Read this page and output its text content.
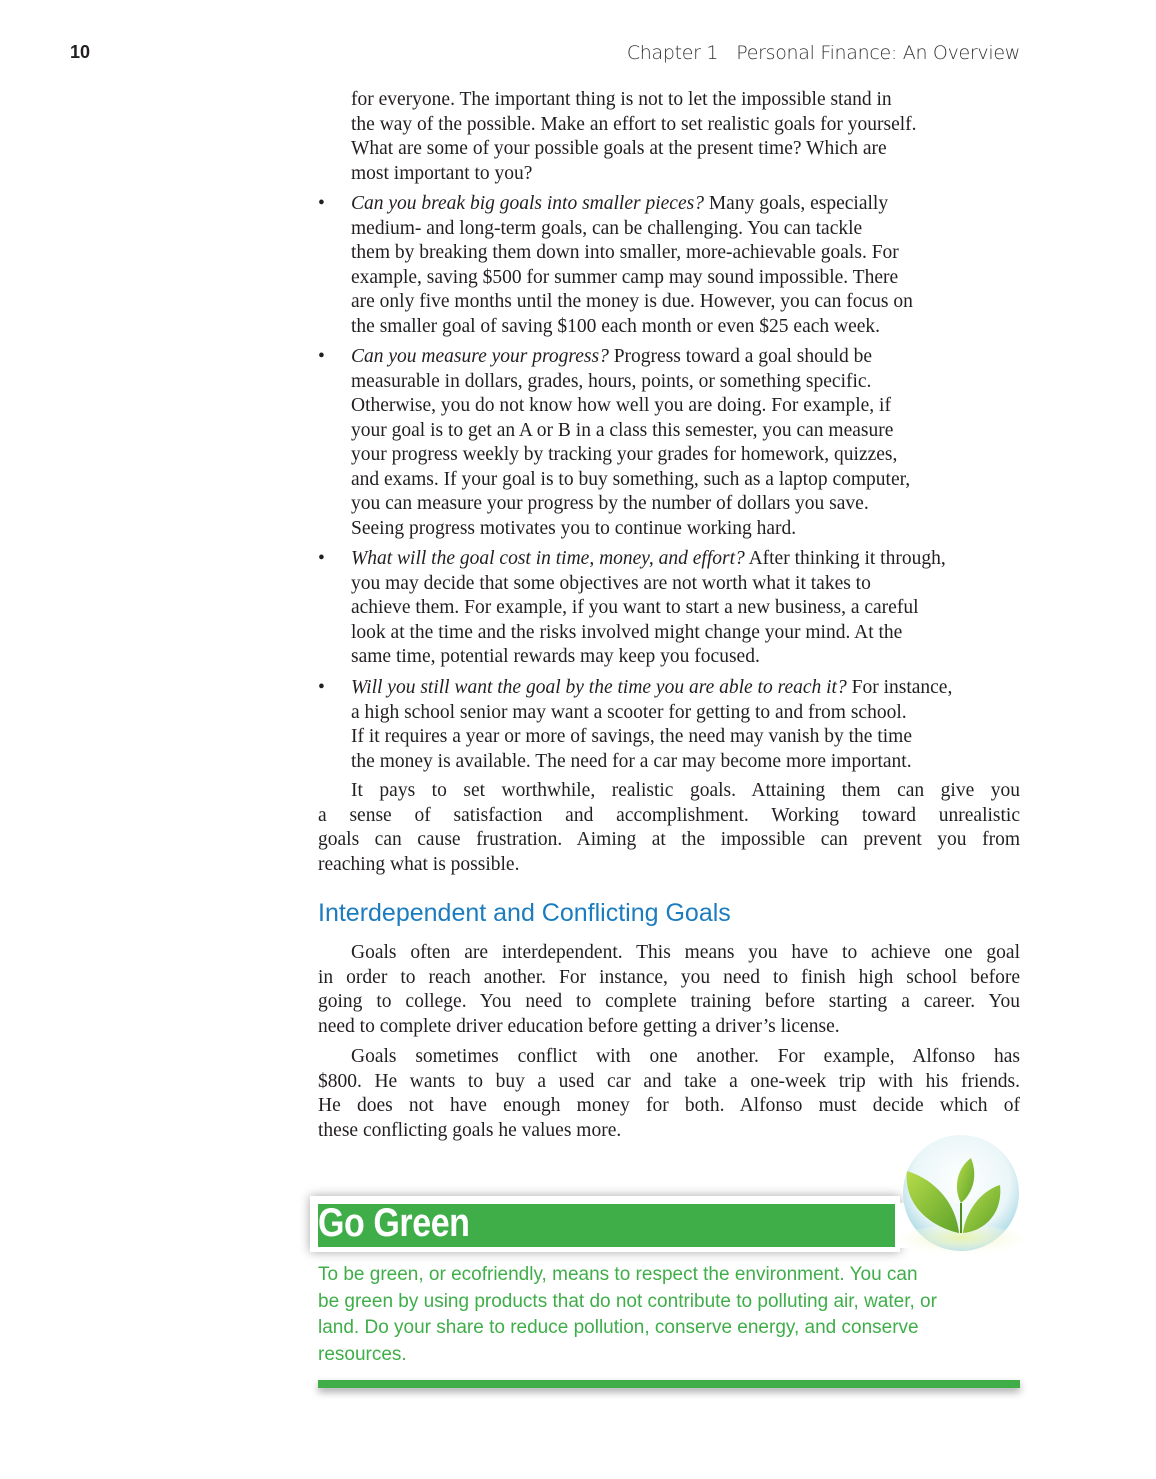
10	Chapter 1 Personal Finance: An Overview
for everyone. The important thing is not to let the impossible stand in
the way of the possible. Make an effort to set realistic goals for yourself.
What are some of your possible goals at the present time? Which are
most important to you?
• Can you break big goals into smaller pieces? Many goals, especially
medium- and long-term goals, can be challenging. You can tackle
them by breaking them down into smaller, more-achievable goals. For
example, saving $500 for summer camp may sound impossible. There
are only five months until the money is due. However, you can focus on
the smaller goal of saving $100 each month or even $25 each week.
• Can you measure your progress? Progress toward a goal should be
measurable in dollars, grades, hours, points, or something specific.
Otherwise, you do not know how well you are doing. For example, if
your goal is to get an A or B in a class this semester, you can measure
your progress weekly by tracking your grades for homework, quizzes,
and exams. If your goal is to buy something, such as a laptop computer,
you can measure your progress by the number of dollars you save.
Seeing progress motivates you to continue working hard.
• What will the goal cost in time, money, and effort? After thinking it through,
you may decide that some objectives are not worth what it takes to
achieve them. For example, if you want to start a new business, a careful
look at the time and the risks involved might change your mind. At the
same time, potential rewards may keep you focused.
• Will you still want the goal by the time you are able to reach it? For instance,
a high school senior may want a scooter for getting to and from school.
If it requires a year or more of savings, the need may vanish by the time
the money is available. The need for a car may become more important.
It pays to set worthwhile, realistic goals. Attaining them can give you
a sense of satisfaction and accomplishment. Working toward unrealistic
goals can cause frustration. Aiming at the impossible can prevent you from
reaching what is possible.
Interdependent and Conflicting Goals
Goals often are interdependent. This means you have to achieve one goal
in order to reach another. For instance, you need to finish high school before
going to college. You need to complete training before starting a career. You
need to complete driver education before getting a driver’s license.
Goals sometimes conflict with one another. For example, Alfonso has
$800. He wants to buy a used car and take a one-week trip with his friends.
He does not have enough money for both. Alfonso must decide which of
these conflicting goals he values more.
Go Green
To be green, or ecofriendly, means to respect the environment. You can
be green by using products that do not contribute to polluting air, water, or
land. Do your share to reduce pollution, conserve energy, and conserve
resources.
